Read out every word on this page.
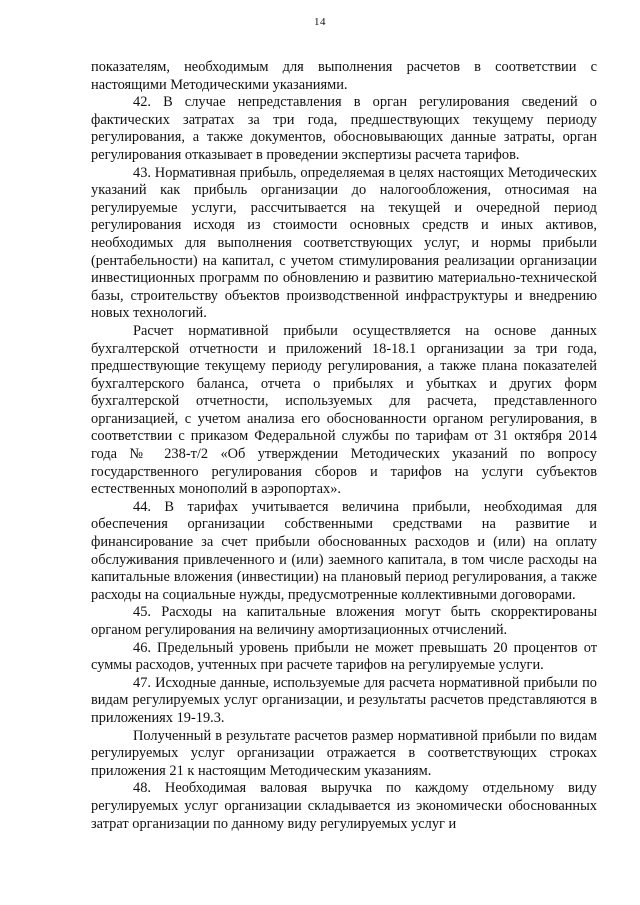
14

показателям, необходимым для выполнения расчетов в соответствии с настоящими Методическими указаниями.

42. В случае непредставления в орган регулирования сведений о фактических затратах за три года, предшествующих текущему периоду регулирования, а также документов, обосновывающих данные затраты, орган регулирования отказывает в проведении экспертизы расчета тарифов.

43. Нормативная прибыль, определяемая в целях настоящих Методических указаний как прибыль организации до налогообложения, относимая на регулируемые услуги, рассчитывается на текущей и очередной период регулирования исходя из стоимости основных средств и иных активов, необходимых для выполнения соответствующих услуг, и нормы прибыли (рентабельности) на капитал, с учетом стимулирования реализации организации инвестиционных программ по обновлению и развитию материально-технической базы, строительству объектов производственной инфраструктуры и внедрению новых технологий.

Расчет нормативной прибыли осуществляется на основе данных бухгалтерской отчетности и приложений 18-18.1 организации за три года, предшествующие текущему периоду регулирования, а также плана показателей бухгалтерского баланса, отчета о прибылях и убытках и других форм бухгалтерской отчетности, используемых для расчета, представленного организацией, с учетом анализа его обоснованности органом регулирования, в соответствии с приказом Федеральной службы по тарифам от 31 октября 2014 года № 238-т/2 «Об утверждении Методических указаний по вопросу государственного регулирования сборов и тарифов на услуги субъектов естественных монополий в аэропортах».

44. В тарифах учитывается величина прибыли, необходимая для обеспечения организации собственными средствами на развитие и финансирование за счет прибыли обоснованных расходов и (или) на оплату обслуживания привлеченного и (или) заемного капитала, в том числе расходы на капитальные вложения (инвестиции) на плановый период регулирования, а также расходы на социальные нужды, предусмотренные коллективными договорами.

45. Расходы на капитальные вложения могут быть скорректированы органом регулирования на величину амортизационных отчислений.

46. Предельный уровень прибыли не может превышать 20 процентов от суммы расходов, учтенных при расчете тарифов на регулируемые услуги.

47. Исходные данные, используемые для расчета нормативной прибыли по видам регулируемых услуг организации, и результаты расчетов представляются в приложениях 19-19.3.

Полученный в результате расчетов размер нормативной прибыли по видам регулируемых услуг организации отражается в соответствующих строках приложения 21 к настоящим Методическим указаниям.

48. Необходимая валовая выручка по каждому отдельному виду регулируемых услуг организации складывается из экономически обоснованных затрат организации по данному виду регулируемых услуг и
